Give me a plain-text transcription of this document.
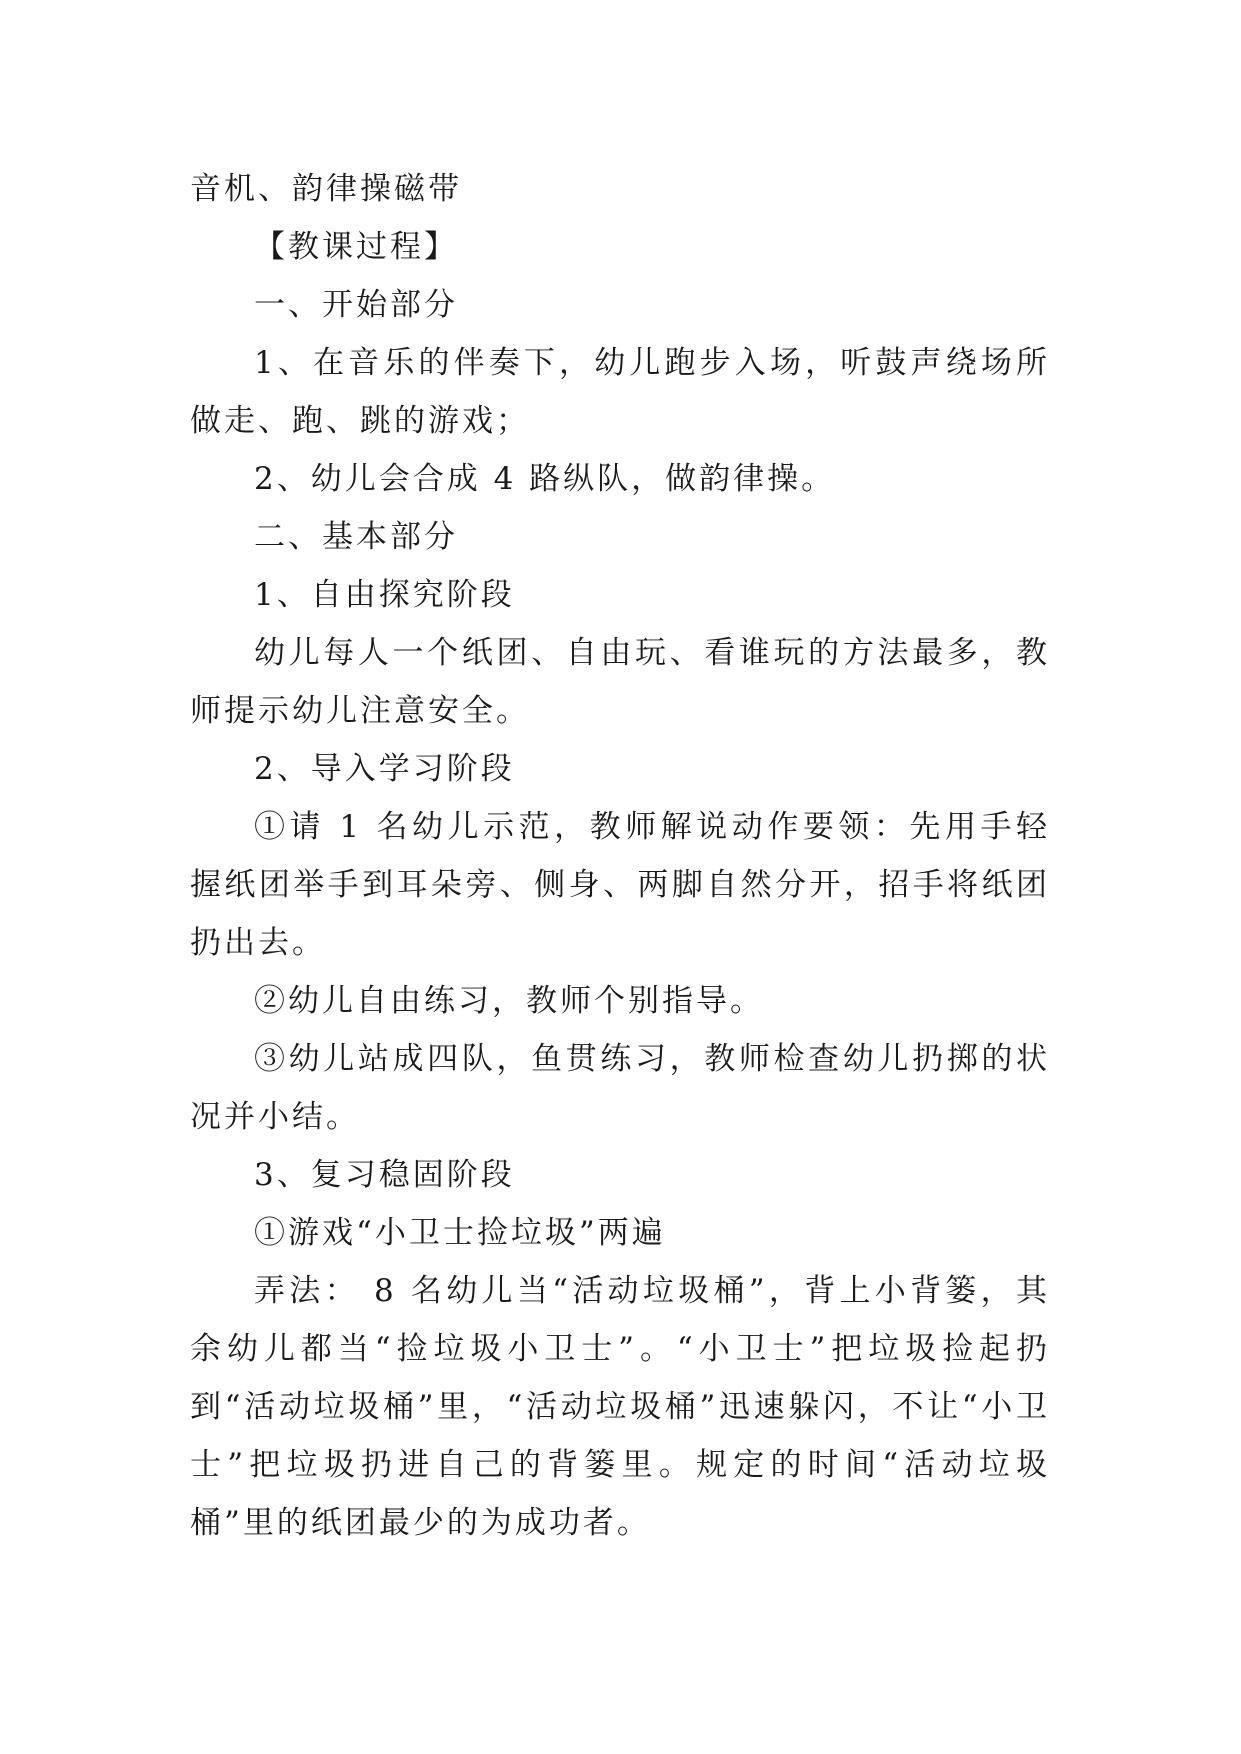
音机、韵律操磁带

【教课过程】

一、开始部分

1、在音乐的伴奏下，幼儿跑步入场，听鼓声绕场所做走、跑、跳的游戏；

2、幼儿会合成 4 路纵队，做韵律操。

二、基本部分

1、自由探究阶段

幼儿每人一个纸团、自由玩、看谁玩的方法最多，教师提示幼儿注意安全。

2、导入学习阶段

①请 1 名幼儿示范，教师解说动作要领：先用手轻握纸团举手到耳朵旁、侧身、两脚自然分开，招手将纸团扔出去。

②幼儿自由练习，教师个别指导。

③幼儿站成四队，鱼贯练习，教师检查幼儿扔掷的状况并小结。

3、复习稳固阶段

①游戏“小卫士捡垃圾”两遍

弄法： 8 名幼儿当“活动垃圾桶”，背上小背篓，其余幼儿都当“捡垃圾小卫士”。“小卫士”把垃圾捡起扔到“活动垃圾桶”里，“活动垃圾桶”迅速躲闪，不让“小卫士”把垃圾扔进自己的背篓里。规定的时间“活动垃圾桶”里的纸团最少的为成功者。
